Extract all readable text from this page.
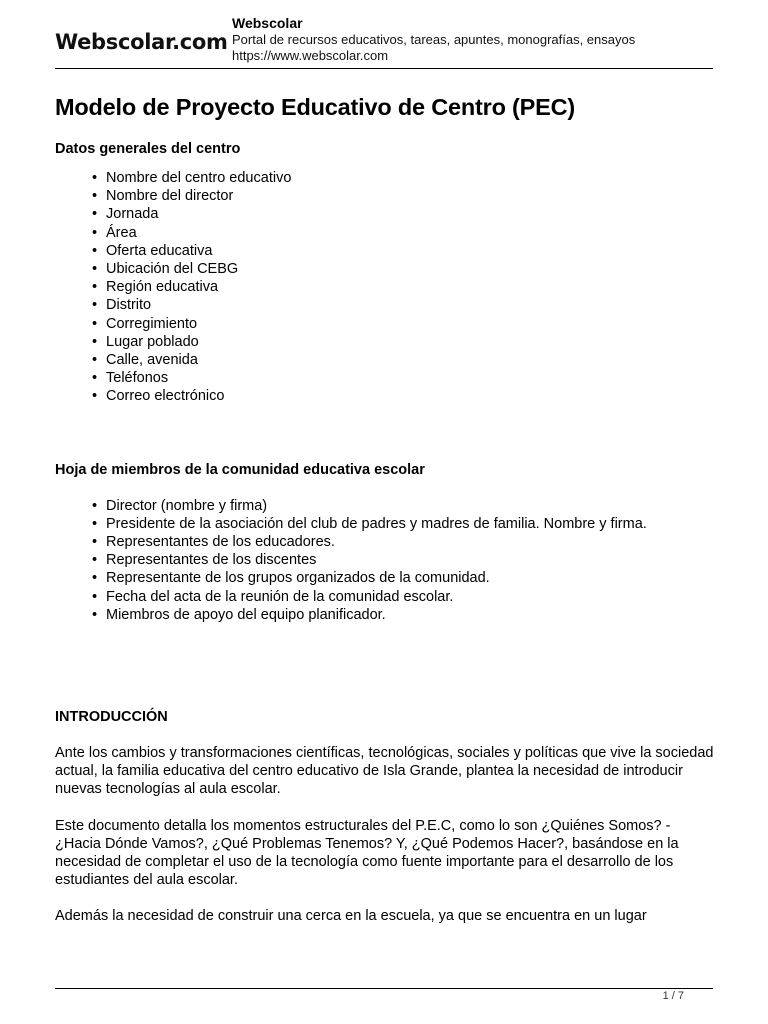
Webscolar.com
Webscolar
Portal de recursos educativos, tareas, apuntes, monografías, ensayos
https://www.webscolar.com
Modelo de Proyecto Educativo de Centro (PEC)
Datos generales del centro
• Nombre del centro educativo
• Nombre del director
• Jornada
• Área
• Oferta educativa
• Ubicación del CEBG
• Región educativa
• Distrito
• Corregimiento
• Lugar poblado
• Calle, avenida
• Teléfonos
• Correo electrónico
Hoja de miembros de la comunidad educativa escolar
• Director (nombre y firma)
• Presidente de la asociación del club de padres y madres de familia. Nombre y firma.
• Representantes de los educadores.
• Representantes de los discentes
• Representante de los grupos organizados de la comunidad.
• Fecha del acta de la reunión de la comunidad escolar.
• Miembros de apoyo del equipo planificador.
INTRODUCCIÓN

Ante los cambios y transformaciones científicas, tecnológicas, sociales y políticas que vive la sociedad actual, la familia educativa del centro educativo de Isla Grande, plantea la necesidad de introducir nuevas tecnologías al aula escolar.

Este documento detalla los momentos estructurales del P.E.C, como lo son ¿Quiénes Somos? - ¿Hacia Dónde Vamos?, ¿Qué Problemas Tenemos? Y, ¿Qué Podemos Hacer?, basándose en la necesidad de completar el uso de la tecnología como fuente importante para el desarrollo de los estudiantes del aula escolar.

Además la necesidad de construir una cerca en la escuela, ya que se encuentra en un lugar

1 / 7
